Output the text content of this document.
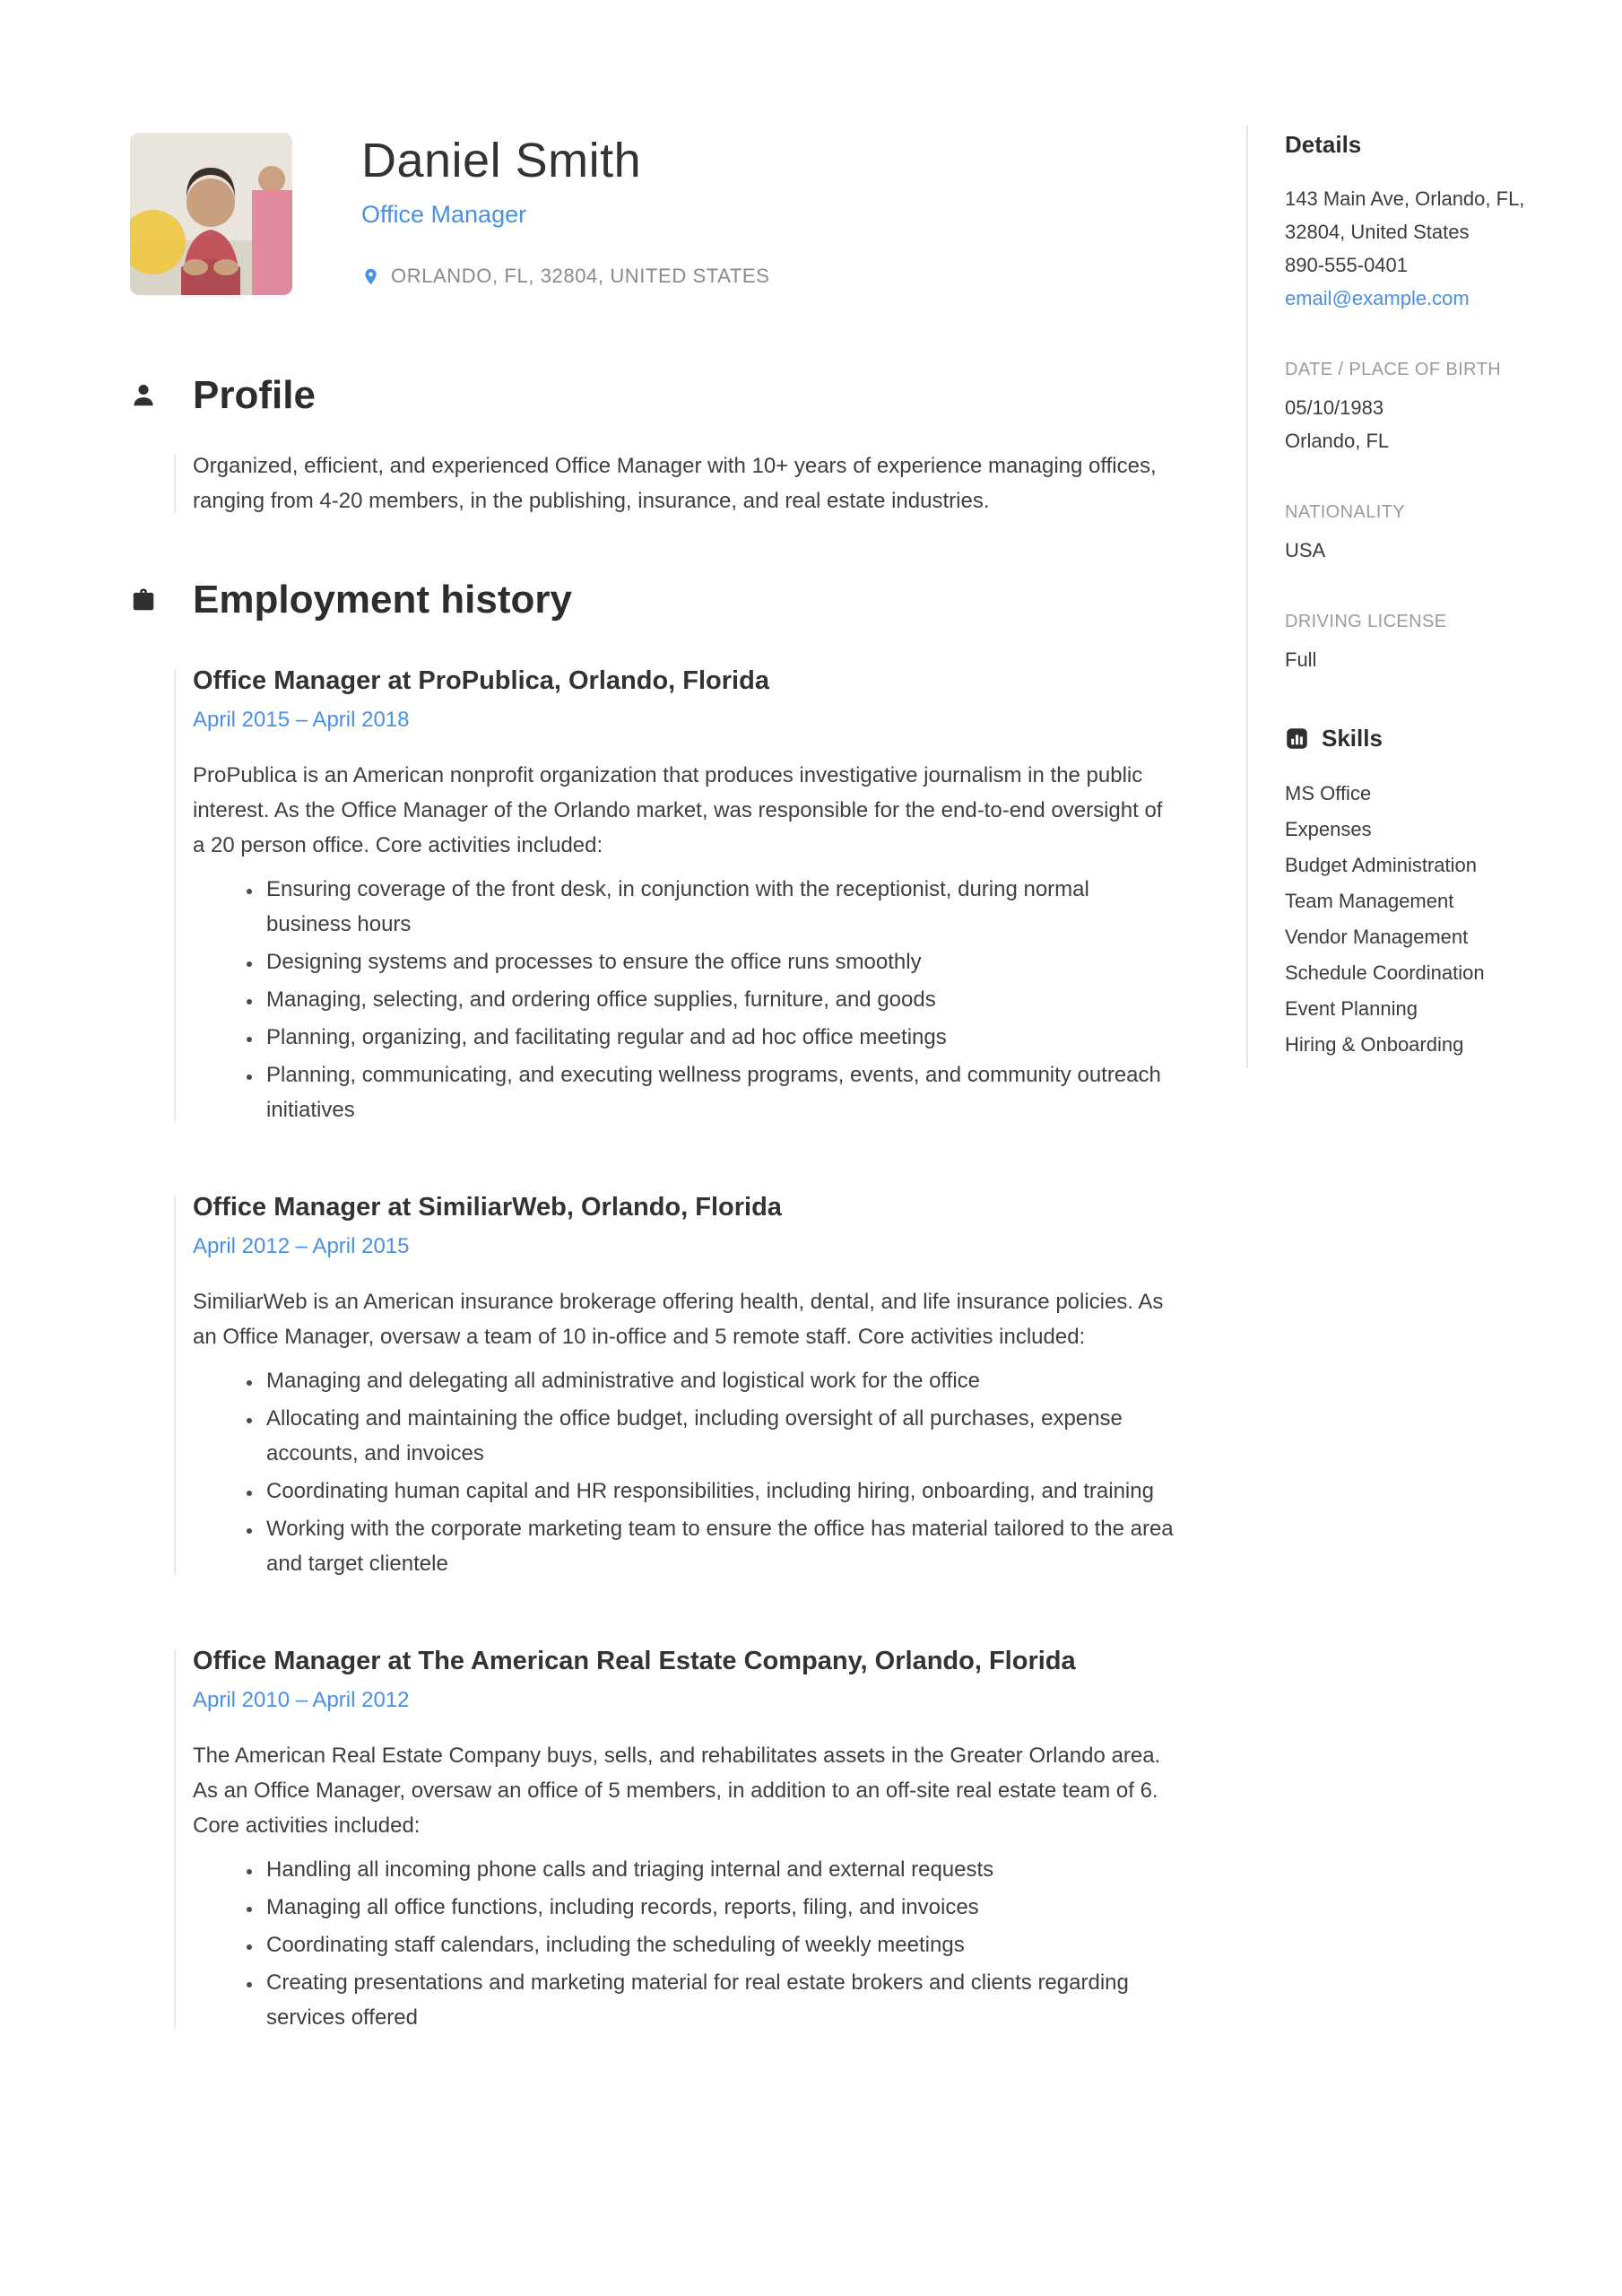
Daniel Smith
Office Manager
ORLANDO, FL, 32804, UNITED STATES
Profile
Organized, efficient, and experienced Office Manager with 10+ years of experience managing offices, ranging from 4-20 members, in the publishing, insurance, and real estate industries.
Employment history
Office Manager at ProPublica, Orlando, Florida
April 2015 – April 2018

ProPublica is an American nonprofit organization that produces investigative journalism in the public interest. As the Office Manager of the Orlando market, was responsible for the end-to-end oversight of a 20 person office. Core activities included:

• Ensuring coverage of the front desk, in conjunction with the receptionist, during normal business hours
• Designing systems and processes to ensure the office runs smoothly
• Managing, selecting, and ordering office supplies, furniture, and goods
• Planning, organizing, and facilitating regular and ad hoc office meetings
• Planning, communicating, and executing wellness programs, events, and community outreach initiatives
Office Manager at SimiliarWeb, Orlando, Florida
April 2012 – April 2015

SimiliarWeb is an American insurance brokerage offering health, dental, and life insurance policies. As an Office Manager, oversaw a team of 10 in-office and 5 remote staff. Core activities included:

• Managing and delegating all administrative and logistical work for the office
• Allocating and maintaining the office budget, including oversight of all purchases, expense accounts, and invoices
• Coordinating human capital and HR responsibilities, including hiring, onboarding, and training
• Working with the corporate marketing team to ensure the office has material tailored to the area and target clientele
Office Manager at The American Real Estate Company, Orlando, Florida
April 2010 – April 2012

The American Real Estate Company buys, sells, and rehabilitates assets in the Greater Orlando area. As an Office Manager, oversaw an office of 5 members, in addition to an off-site real estate team of 6. Core activities included:

• Handling all incoming phone calls and triaging internal and external requests
• Managing all office functions, including records, reports, filing, and invoices
• Coordinating staff calendars, including the scheduling of weekly meetings
• Creating presentations and marketing material for real estate brokers and clients regarding services offered
Details
143 Main Ave, Orlando, FL, 32804, United States
890-555-0401
email@example.com
DATE / PLACE OF BIRTH
05/10/1983
Orlando, FL
NATIONALITY
USA
DRIVING LICENSE
Full
Skills
MS Office
Expenses
Budget Administration
Team Management
Vendor Management
Schedule Coordination
Event Planning
Hiring & Onboarding
